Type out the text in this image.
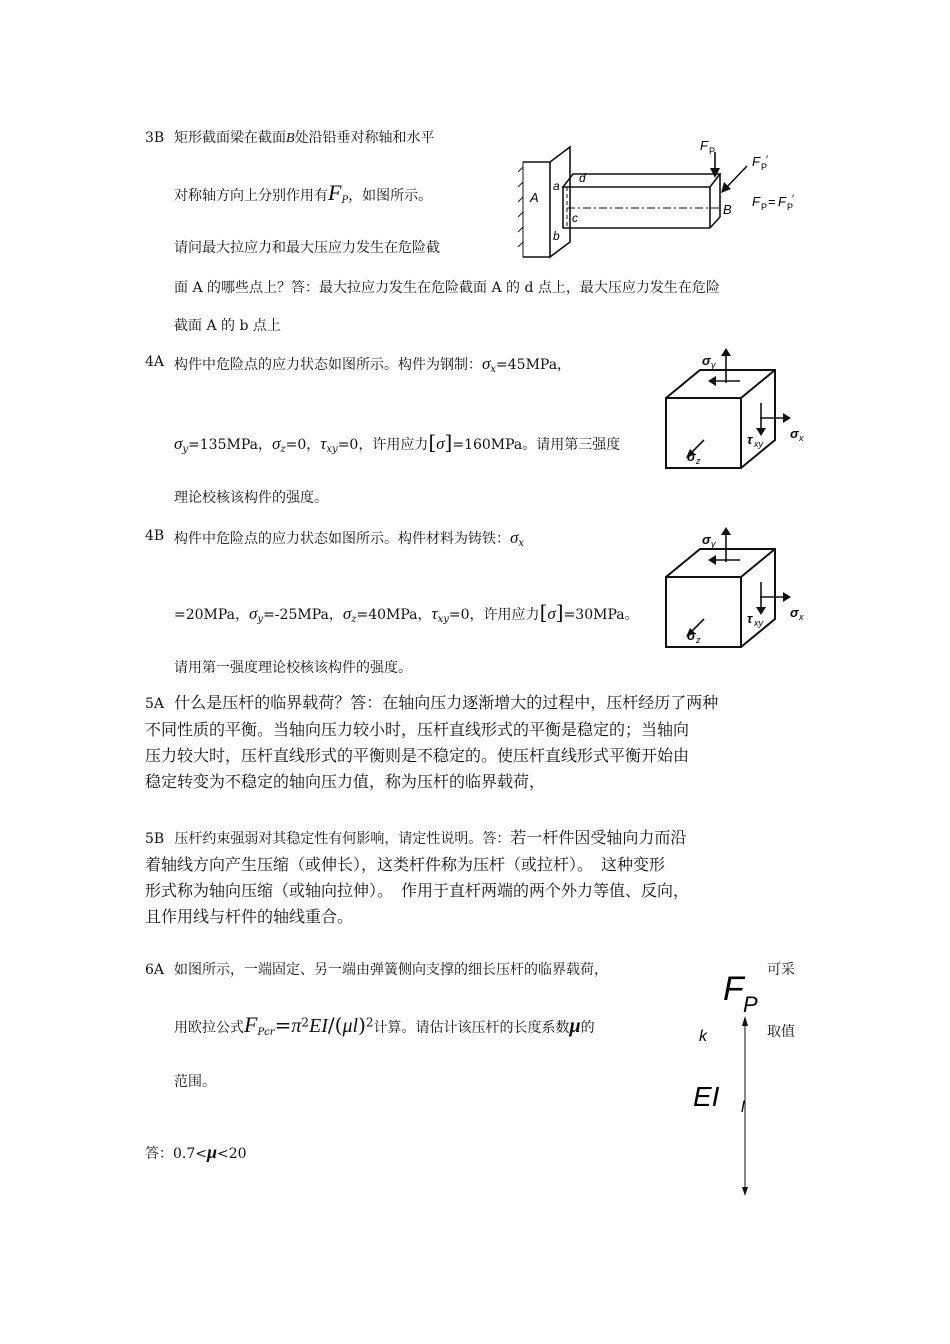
3B 矩形截面梁在截面B处沿铅垂对称轴和水平
对称轴方向上分别作用有$F_P$，如图所示。
请问最大拉应力和最大压应力发生在危险截
面 A 的哪些点上？答：最大拉应力发生在危险截面 A 的 d 点上，最大压应力发生在危险
截面 A 的 b 点上
F P
F P
′
F P = F P
′
A
B
a
b
c
d
4A 构件中危险点的应力状态如图所示。构件为钢制：$\sigma_x=45MPa$，
$\sigma_y=135MPa$，$\sigma_z=0$，$\tau_{xy}=0$，许用应力[σ]=160MPa。请用第三强度
理论校核该构件的强度。
σ y
σ x
τ xy
σ z
4B 构件中危险点的应力状态如图所示。构件材料为铸铁：$\sigma_x$
=20MPa，$\sigma_y=-25MPa$，$\sigma_z=40MPa$，$\tau_{xy}=0$，许用应力[σ]=30MPa。
请用第一强度理论校核该构件的强度。
σ y
σ x
τ xy
σ z
5A 什么是压杆的临界载荷？答：在轴向压力逐渐增大的过程中，压杆经历了两种
不同性质的平衡。当轴向压力较小时，压杆直线形式的平衡是稳定的；当轴向
压力较大时，压杆直线形式的平衡则是不稳定的。使压杆直线形式平衡开始由
稳定转变为不稳定的轴向压力值，称为压杆的临界载荷，
5B 压杆约束强弱对其稳定性有何影响，请定性说明。答：若一杆件因受轴向力而沿
着轴线方向产生压缩（或伸长），这类杆件称为压杆（或拉杆）。　这种变形
形式称为轴向压缩（或轴向拉伸）。　作用于直杆两端的两个外力等值、反向，
且作用线与杆件的轴线重合。
6A 如图所示，一端固定、另一端由弹簧侧向支撑的细长压杆的临界载荷，	可采
用欧拉公式$F_{Pcr}=\pi^2EI/(\mu l)^2$计算。请估计该压杆的长度系数μ的	取值
范围。
答：0.7<μ<20
F P
k
EI l
